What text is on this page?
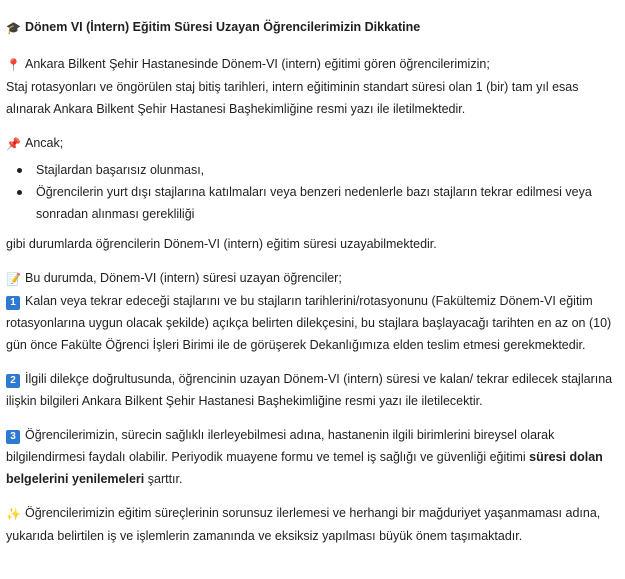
🎓 Dönem VI (İntern) Eğitim Süresi Uzayan Öğrencilerimizin Dikkatine

📍 Ankara Bilkent Şehir Hastanesinde Dönem-VI (intern) eğitimi gören öğrencilerimizin;

Staj rotasyonları ve öngörülen staj bitiş tarihleri, intern eğitiminin standart süresi olan 1 (bir) tam yıl esas alınarak Ankara Bilkent Şehir Hastanesi Başhekimliğine resmi yazı ile iletilmektedir.

📌 Ancak;

Stajlardan başarısız olunması,
Öğrencilerin yurt dışı stajlarına katılmaları veya benzeri nedenlerle bazı stajların tekrar edilmesi veya sonradan alınması gerekliliği

gibi durumlarda öğrencilerin Dönem-VI (intern) eğitim süresi uzayabilmektedir.

📝 Bu durumda, Dönem-VI (intern) süresi uzayan öğrenciler;

1 Kalan veya tekrar edeceği stajlarını ve bu stajların tarihlerini/rotasyonunu (Fakültemiz Dönem-VI eğitim rotasyonlarına uygun olacak şekilde) açıkça belirten dilekçesini, bu stajlara başlayacağı tarihten en az on (10) gün önce Fakülte Öğrenci İşleri Birimi ile de görüşerek Dekanlığımıza elden teslim etmesi gerekmektedir.

2 İlgili dilekçe doğrultusunda, öğrencinin uzayan Dönem-VI (intern) süresi ve kalan/ tekrar edilecek stajlarına ilişkin bilgileri Ankara Bilkent Şehir Hastanesi Başhekimliğine resmi yazı ile iletilecektir.

3 Öğrencilerimizin, sürecin sağlıklı ilerleyebilmesi adına, hastanenin ilgili birimlerini bireysel olarak bilgilendirmesi faydalı olabilir. Periyodik muayene formu ve temel iş sağlığı ve güvenliği eğitimi süresi dolan belgelerini yenilemeleri şarttır.

✨ Öğrencilerimizin eğitim süreçlerinin sorunsuz ilerlemesi ve herhangi bir mağduriyet yaşanmaması adına, yukarıda belirtilen iş ve işlemlerin zamanında ve eksiksiz yapılması büyük önem taşımaktadır.
